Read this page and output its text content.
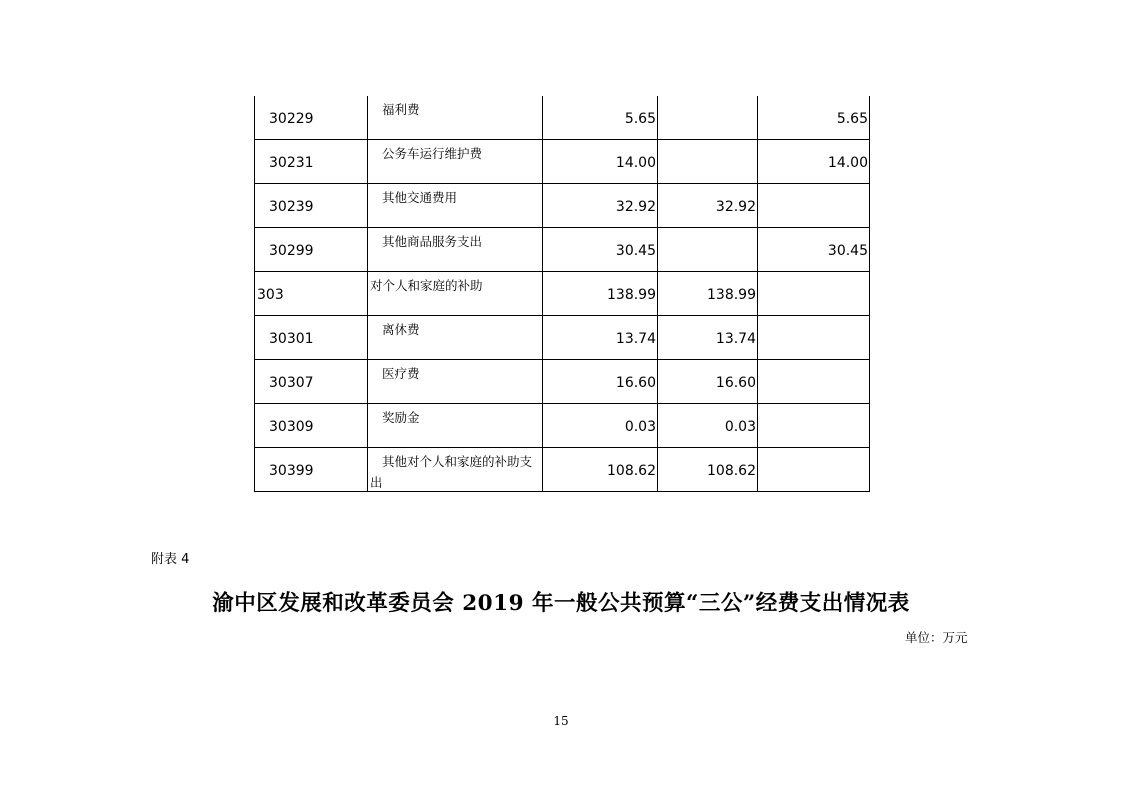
30229	福利费	5.65		5.65

30231	公务车运行维护费	14.00		14.00

30239	其他交通费用	32.92	32.92	

30299	其他商品服务支出	30.45		30.45

303	对个人和家庭的补助	138.99	138.99	

30301	离休费	13.74	13.74	

30307	医疗费	16.60	16.60	

30309	奖励金	0.03	0.03	

30399	其他对个人和家庭的补助支出	108.62	108.62	

附表 4
渝中区发展和改革委员会 2019 年一般公共预算“三公”经费支出情况表
单位：万元
15
